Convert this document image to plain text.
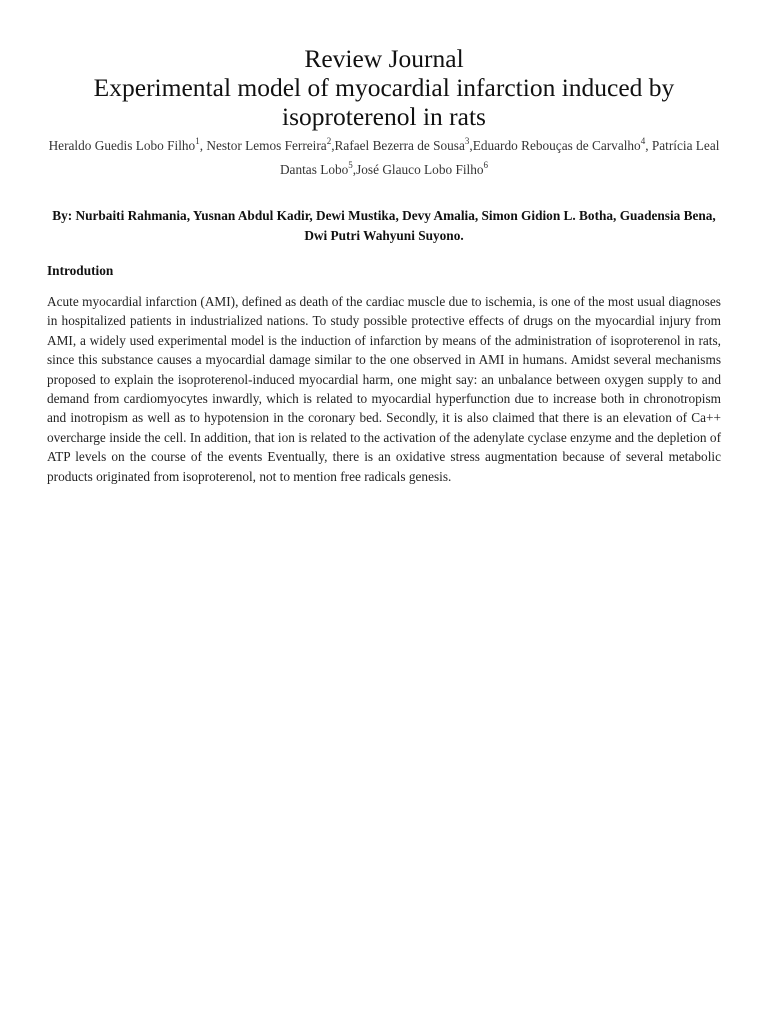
Review Journal
Experimental model of myocardial infarction induced by
isoproterenol in rats
Heraldo Guedis Lobo Filho$^1$, Nestor Lemos Ferreira$^2$,Rafael Bezerra de Sousa$^3$,Eduardo Rebouças de Carvalho$^4$, Patrícia Leal Dantas Lobo$^5$,José Glauco Lobo Filho$^6$
By: Nurbaiti Rahmania, Yusnan Abdul Kadir, Dewi Mustika, Devy Amalia, Simon Gidion L. Botha, Guadensia Bena, Dwi Putri Wahyuni Suyono.
Introdution

Acute myocardial infarction (AMI), defined as death of the cardiac muscle due to ischemia, is one of the most usual diagnoses in hospitalized patients in industrialized nations. To study possible protective effects of drugs on the myocardial injury from AMI, a widely used experimental model is the induction of infarction by means of the administration of isoproterenol in rats, since this substance causes a myocardial damage similar to the one observed in AMI in humans. Amidst several mechanisms proposed to explain the isoproterenol-induced myocardial harm, one might say: an unbalance between oxygen supply to and demand from cardiomyocytes inwardly, which is related to myocardial hyperfunction due to increase both in chronotropism and inotropism as well as to hypotension in the coronary bed. Secondly, it is also claimed that there is an elevation of Ca++ overcharge inside the cell. In addition, that ion is related to the activation of the adenylate cyclase enzyme and the depletion of ATP levels on the course of the events Eventually, there is an oxidative stress augmentation because of several metabolic products originated from isoproterenol, not to mention free radicals genesis.
